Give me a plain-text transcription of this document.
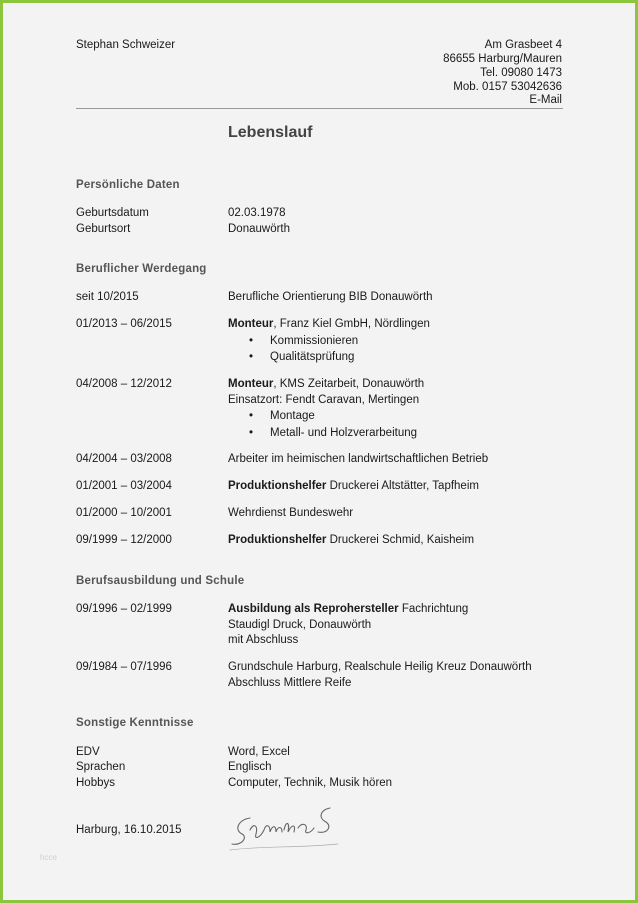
Stephan Schweizer	Am Grasbeet 4
86655 Harburg/Mauren
Tel. 09080 1473
Mob. 0157 53042636
E-Mail
Lebenslauf
Persönliche Daten
Geburtsdatum	02.03.1978
Geburtsort	Donauwörth
Beruflicher Werdegang
seit 10/2015	Berufliche Orientierung BIB Donauwörth
01/2013 – 06/2015	Monteur, Franz Kiel GmbH, Nördlingen
• Kommissionieren
• Qualitätsprüfung
04/2008 – 12/2012	Monteur, KMS Zeitarbeit, Donauwörth
Einsatzort: Fendt Caravan, Mertingen
• Montage
• Metall- und Holzverarbeitung
04/2004 – 03/2008	Arbeiter im heimischen landwirtschaftlichen Betrieb
01/2001 – 03/2004	Produktionshelfer Druckerei Altstätter, Tapfheim
01/2000 – 10/2001	Wehrdienst Bundeswehr
09/1999 – 12/2000	Produktionshelfer Druckerei Schmid, Kaisheim
Berufsausbildung und Schule
09/1996 – 02/1999	Ausbildung als Reprohersteller Fachrichtung
Staudigl Druck, Donauwörth
mit Abschluss
09/1984 – 07/1996	Grundschule Harburg, Realschule Heilig Kreuz Donauwörth
Abschluss Mittlere Reife
Sonstige Kenntnisse
EDV	Word, Excel
Sprachen	Englisch
Hobbys	Computer, Technik, Musik hören
Harburg, 16.10.2015
hcce
